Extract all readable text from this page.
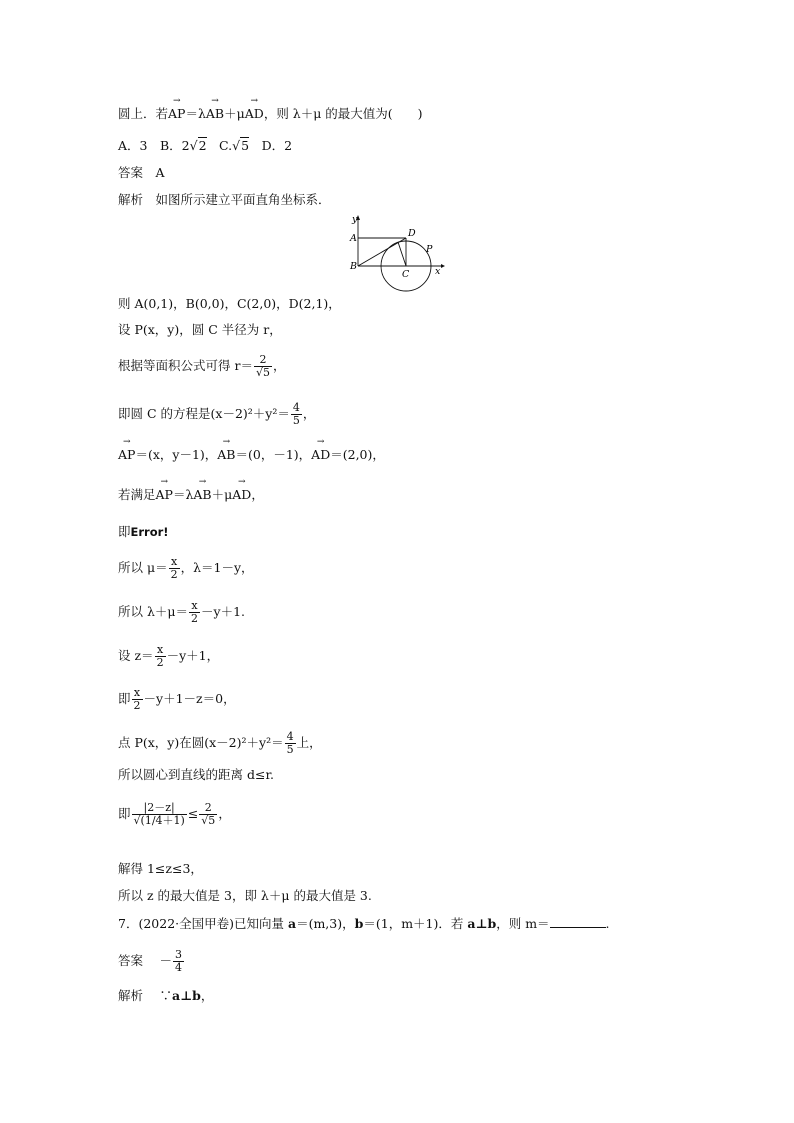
圆上．若→ AP＝λ→ AB＋μ→ AD，则 λ＋μ 的最大值为(　　)
A．3　B．2√2　C.√5　D．2
答案　 A
解析　 如图所示建立平面直角坐标系．
y
x
A
B
C
D
P
则 A(0,1)，B(0,0)，C(2,0)，D(2,1)，
设 P(x，y)，圆 C 半径为 r，
根据等面积公式可得 $r= \frac{2}{√5}$ ，
即圆 C 的方程是$(x-2)^2+y^2= \frac{4}{5}$ ，
→ AP＝(x，y－1)，→ AB＝(0，－1)，→ AD＝(2,0)，
若满足→ AP＝λ→ AB＋μ→ AD，
即Error!
所以 $\mu= \frac{x}{2}$ ，λ＝1－y，
所以 $\lambda+\mu= \frac{x}{2} -y+1$.
设 $z= \frac{x}{2} -y+1$，
即 $\frac{x}{2} -y+1-z=0$，
点 P(x，y)在圆$(x-2)^2+y^2= \frac{4}{5}$ 上，
所以圆心到直线的距离 d≤r.
即 $\frac{|2-z|}{√(1/4+1)} \le \frac{2}{√5}$ ，
解得 1≤z≤3，
所以 z 的最大值是 3，即 λ＋μ 的最大值是 3.
7．(2022·全国甲卷)已知向量 a＝(m,3)，b＝(1，m＋1)．若 a⊥b，则 m＝	.
答案　 － $\frac{3}{4}$
解析　 ∵a⊥b，
